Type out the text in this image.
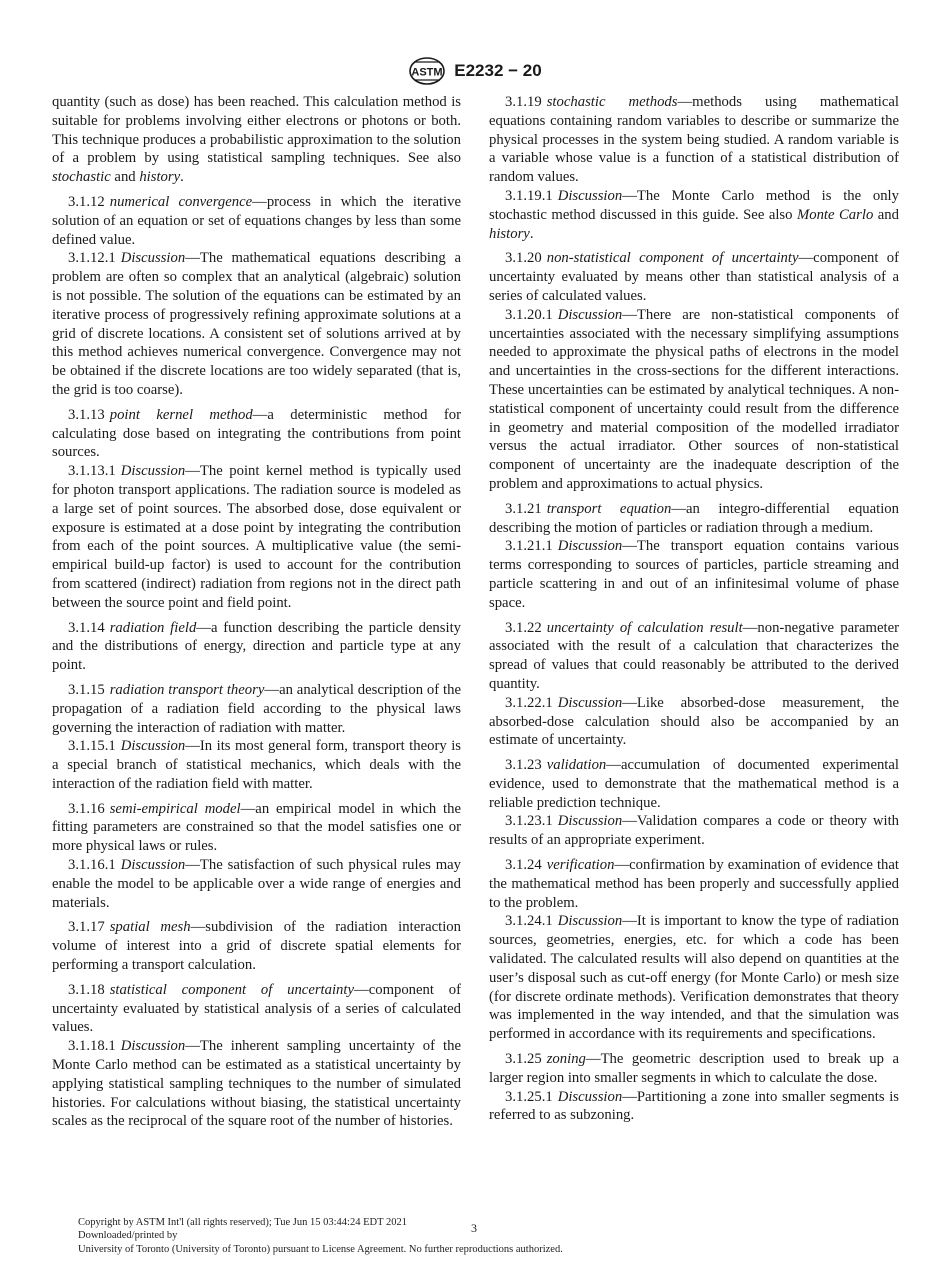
ASTM E2232 − 20

quantity (such as dose) has been reached. This calculation method is suitable for problems involving either electrons or photons or both. This technique produces a probabilistic approximation to the solution of a problem by using statistical sampling techniques. See also stochastic and history.

3.1.12 numerical convergence—process in which the iterative solution of an equation or set of equations changes by less than some defined value.

3.1.12.1 Discussion—The mathematical equations describing a problem are often so complex that an analytical (algebraic) solution is not possible. The solution of the equations can be estimated by an iterative process of progressively refining approximate solutions at a grid of discrete locations. A consistent set of solutions arrived at by this method achieves numerical convergence. Convergence may not be obtained if the discrete locations are too widely separated (that is, the grid is too coarse).

3.1.13 point kernel method—a deterministic method for calculating dose based on integrating the contributions from point sources.

3.1.13.1 Discussion—The point kernel method is typically used for photon transport applications. The radiation source is modeled as a large set of point sources. The absorbed dose, dose equivalent or exposure is estimated at a dose point by integrating the contribution from each of the point sources. A multiplicative value (the semi-empirical build-up factor) is used to account for the contribution from scattered (indirect) radiation from regions not in the direct path between the source point and field point.

3.1.14 radiation field—a function describing the particle density and the distributions of energy, direction and particle type at any point.

3.1.15 radiation transport theory—an analytical description of the propagation of a radiation field according to the physical laws governing the interaction of radiation with matter.

3.1.15.1 Discussion—In its most general form, transport theory is a special branch of statistical mechanics, which deals with the interaction of the radiation field with matter.

3.1.16 semi-empirical model—an empirical model in which the fitting parameters are constrained so that the model satisfies one or more physical laws or rules.

3.1.16.1 Discussion—The satisfaction of such physical rules may enable the model to be applicable over a wide range of energies and materials.

3.1.17 spatial mesh—subdivision of the radiation interaction volume of interest into a grid of discrete spatial elements for performing a transport calculation.

3.1.18 statistical component of uncertainty—component of uncertainty evaluated by statistical analysis of a series of calculated values.

3.1.18.1 Discussion—The inherent sampling uncertainty of the Monte Carlo method can be estimated as a statistical uncertainty by applying statistical sampling techniques to the number of simulated histories. For calculations without biasing, the statistical uncertainty scales as the reciprocal of the square root of the number of histories.

3.1.19 stochastic methods—methods using mathematical equations containing random variables to describe or summarize the physical processes in the system being studied. A random variable is a variable whose value is a function of a statistical distribution of random values.

3.1.19.1 Discussion—The Monte Carlo method is the only stochastic method discussed in this guide. See also Monte Carlo and history.

3.1.20 non-statistical component of uncertainty—component of uncertainty evaluated by means other than statistical analysis of a series of calculated values.

3.1.20.1 Discussion—There are non-statistical components of uncertainties associated with the necessary simplifying assumptions needed to approximate the physical paths of electrons in the model and uncertainties in the cross-sections for the different interactions. These uncertainties can be estimated by analytical techniques. A non-statistical component of uncertainty could result from the difference in geometry and material composition of the modelled irradiator versus the actual irradiator. Other sources of non-statistical component of uncertainty are the inadequate description of the problem and approximations to actual physics.

3.1.21 transport equation—an integro-differential equation describing the motion of particles or radiation through a medium.

3.1.21.1 Discussion—The transport equation contains various terms corresponding to sources of particles, particle streaming and particle scattering in and out of an infinitesimal volume of phase space.

3.1.22 uncertainty of calculation result—non-negative parameter associated with the result of a calculation that characterizes the spread of values that could reasonably be attributed to the derived quantity.

3.1.22.1 Discussion—Like absorbed-dose measurement, the absorbed-dose calculation should also be accompanied by an estimate of uncertainty.

3.1.23 validation—accumulation of documented experimental evidence, used to demonstrate that the mathematical method is a reliable prediction technique.

3.1.23.1 Discussion—Validation compares a code or theory with results of an appropriate experiment.

3.1.24 verification—confirmation by examination of evidence that the mathematical method has been properly and successfully applied to the problem.

3.1.24.1 Discussion—It is important to know the type of radiation sources, geometries, energies, etc. for which a code has been validated. The calculated results will also depend on quantities at the user’s disposal such as cut-off energy (for Monte Carlo) or mesh size (for discrete ordinate methods). Verification demonstrates that theory was implemented in the way intended, and that the simulation was performed in accordance with its requirements and specifications.

3.1.25 zoning—The geometric description used to break up a larger region into smaller segments in which to calculate the dose.

3.1.25.1 Discussion—Partitioning a zone into smaller segments is referred to as subzoning.

Copyright by ASTM Int'l (all rights reserved); Tue Jun 15 03:44:24 EDT 2021
Downloaded/printed by
University of Toronto (University of Toronto) pursuant to License Agreement. No further reproductions authorized.
3
